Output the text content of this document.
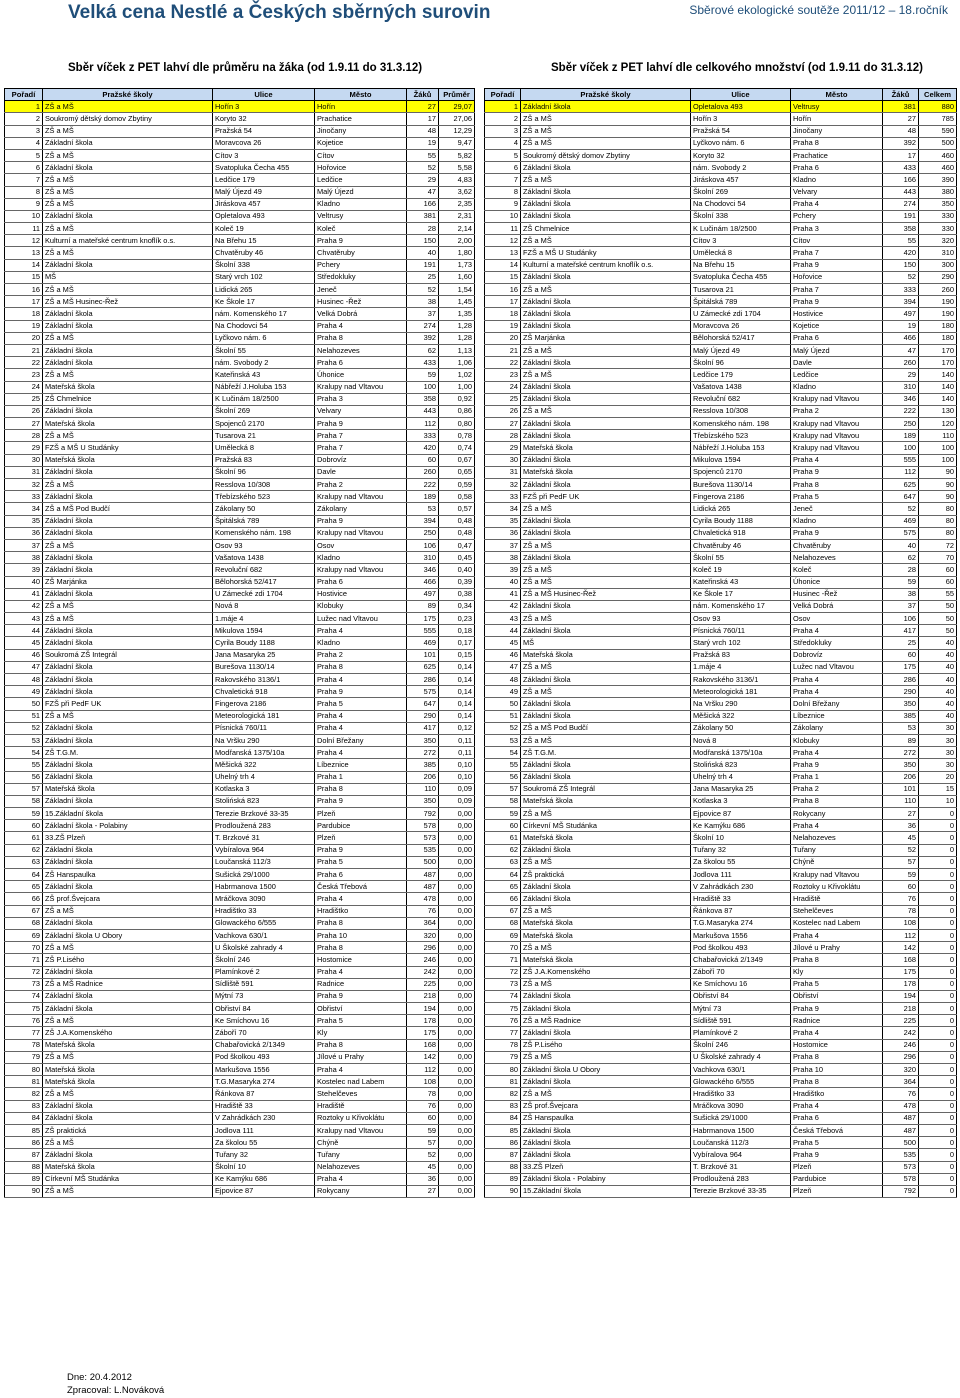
Velká cena Nestlé a Českých sběrných surovin	Sběrové ekologické soutěže 2011/12 – 18.ročník
Sběr víček z PET lahví dle průměru na žáka (od 1.9.11 do 31.3.12)	Sběr víček z PET lahví dle celkového množství (od 1.9.11 do 31.3.12)
Pořadí	Pražské školy	Ulice	Město	Žáků	Průměr
1	ZŠ a MŠ	Hořín 3	Hořín	27	29,07
2	Soukromý dětský domov Zbytiny	Koryto 32	Prachatice	17	27,06
3	ZŠ a MŠ	Pražská 54	Jinočany	48	12,29
4	Základní škola	Moravcova 26	Kojetice	19	9,47
5	ZŠ a MŠ	Cítov 3	Cítov	55	5,82
6	Základní škola	Svatopluka Čecha 455	Hořovice	52	5,58
7	ZŠ a MŠ	Ledčice 179	Ledčice	29	4,83
8	ZŠ a MŠ	Malý Újezd 49	Malý Újezd	47	3,62
9	ZŠ a MŠ	Jiráskova 457	Kladno	166	2,35
10	Základní škola	Opletalova 493	Veltrusy	381	2,31
11	ZŠ a MŠ	Koleč 19	Koleč	28	2,14
12	Kulturní a mateřské centrum knoflík o.s.	Na Břehu 15	Praha 9	150	2,00
13	ZŠ a MŠ	Chvatěruby 46	Chvatěruby	40	1,80
14	Základní škola	Školní 338	Pchery	191	1,73
15	MŠ	Starý vrch 102	Středokluky	25	1,60
16	ZŠ a MŠ	Lidická 265	Jeneč	52	1,54
17	ZŠ a MŠ Husinec-Řež	Ke Škole 17	Husinec -Řež	38	1,45
18	Základní škola	nám. Komenského 17	Velká Dobrá	37	1,35
19	Základní škola	Na Chodovci 54	Praha 4	274	1,28
20	ZŠ a MŠ	Lyčkovo nám. 6	Praha 8	392	1,28
21	Základní škola	Školní 55	Nelahozeves	62	1,13
22	Základní škola	nám. Svobody 2	Praha 6	433	1,06
23	ZŠ a MŠ	Kateřinská 43	Úhonice	59	1,02
24	Mateřská škola	Nábřeží J.Holuba 153	Kralupy nad Vltavou	100	1,00
25	ZŠ Chmelnice	K Lučinám 18/2500	Praha 3	358	0,92
26	Základní škola	Školní 269	Velvary	443	0,86
27	Mateřská škola	Spojenců 2170	Praha 9	112	0,80
28	ZŠ a MŠ	Tusarova 21	Praha 7	333	0,78
29	FZŠ a MŠ U Studánky	Umělecká 8	Praha 7	420	0,74
30	Mateřská škola	Pražská 83	Dobrovíz	60	0,67
31	Základní škola	Školní 96	Davle	260	0,65
32	ZŠ a MŠ	Resslova 10/308	Praha 2	222	0,59
33	Základní škola	Třebízského 523	Kralupy nad Vltavou	189	0,58
34	ZŠ a MŠ Pod Budčí	Zákolany 50	Zákolany	53	0,57
35	Základní škola	Špitálská 789	Praha 9	394	0,48
36	Základní škola	Komenského nám. 198	Kralupy nad Vltavou	250	0,48
37	ZŠ a MŠ	Osov 93	Osov	106	0,47
38	Základní škola	Vašatova 1438	Kladno	310	0,45
39	Základní škola	Revoluční 682	Kralupy nad Vltavou	346	0,40
40	ZŠ Marjánka	Bělohorská 52/417	Praha 6	466	0,39
41	Základní škola	U Zámecké zdi 1704	Hostivice	497	0,38
42	ZŠ a MŠ	Nová 8	Klobuky	89	0,34
43	ZŠ a MŠ	1.máje 4	Lužec nad Vltavou	175	0,23
44	Základní škola	Mikulova 1594	Praha 4	555	0,18
45	Základní škola	Cyrila Boudy 1188	Kladno	469	0,17
46	Soukromá ZŠ Integrál	Jana Masaryka 25	Praha 2	101	0,15
47	Základní škola	Burešova 1130/14	Praha 8	625	0,14
48	Základní škola	Rakovského 3136/1	Praha 4	286	0,14
49	Základní škola	Chvaletická 918	Praha 9	575	0,14
50	FZŠ při PedF UK	Fingerova 2186	Praha 5	647	0,14
51	ZŠ a MŠ	Meteorologická 181	Praha 4	290	0,14
52	Základní škola	Písnická 760/11	Praha 4	417	0,12
53	Základní škola	Na Vršku 290	Dolní Břežany	350	0,11
54	ZŠ T.G.M.	Modřanská 1375/10a	Praha 4	272	0,11
55	Základní škola	Měšická 322	Líbeznice	385	0,10
56	Základní škola	Uhelný trh 4	Praha 1	206	0,10
57	Mateřská škola	Kotlaska 3	Praha 8	110	0,09
58	Základní škola	Stolińská 823	Praha 9	350	0,09
59	15.Základní škola	Terezie Brzkové 33-35	Plzeň	792	0,00
60	Základní škola - Polabiny	Prodloužená 283	Pardubice	578	0,00
61	33.ZŠ Plzeň	T. Brzkové 31	Plzeň	573	0,00
62	Základní škola	Vybíralova 964	Praha 9	535	0,00
63	Základní škola	Loučanská 112/3	Praha 5	500	0,00
64	ZŠ Hanspaulka	Sušická 29/1000	Praha 6	487	0,00
65	Základní škola	Habrmanova 1500	Česká Třebová	487	0,00
66	ZŠ prof.Švejcara	Mráčkova 3090	Praha 4	478	0,00
67	ZŠ a MŠ	Hradištko 33	Hradištko	76	0,00
68	Základní škola	Glowackého 6/555	Praha 8	364	0,00
69	Základní škola U Obory	Vachkova 630/1	Praha 10	320	0,00
70	ZŠ a MŠ	U Školské zahrady 4	Praha 8	296	0,00
71	ZŠ P.Lisého	Školní 246	Hostomice	246	0,00
72	Základní škola	Plamínkové 2	Praha 4	242	0,00
73	ZŠ a MŠ Radnice	Sídliště 591	Radnice	225	0,00
74	Základní škola	Mýtní 73	Praha 9	218	0,00
75	Základní škola	Obřiství 84	Obřiství	194	0,00
76	ZŠ a MŠ	Ke Smíchovu 16	Praha 5	178	0,00
77	ZŠ J.A.Komenského	Záboří 70	Kly	175	0,00
78	Mateřská škola	Chabařovická 2/1349	Praha 8	168	0,00
79	ZŠ a MŠ	Pod školkou 493	Jílové u Prahy	142	0,00
80	Mateřská škola	Markušova 1556	Praha 4	112	0,00
81	Mateřská škola	T.G.Masaryka 274	Kostelec nad Labem	108	0,00
82	ZŠ a MŠ	Řánkova 87	Stehelčeves	78	0,00
83	Základní škola	Hradiště 33	Hradiště	76	0,00
84	Základní škola	V Zahrádkách 230	Roztoky u Křivoklátu	60	0,00
85	ZŠ praktická	Jodlova 111	Kralupy nad Vltavou	59	0,00
86	ZŠ a MŠ	Za školou 55	Chýně	57	0,00
87	Základní škola	Tuřany 32	Tuřany	52	0,00
88	Mateřská škola	Školní 10	Nelahozeves	45	0,00
89	Církevní MŠ Studánka	Ke Kamýku 686	Praha 4	36	0,00
90	ZŠ a MŠ	Ejpovice 87	Rokycany	27	0,00
Pořadí	Pražské školy	Ulice	Město	Žáků	Celkem
1	Základní škola	Opletalova 493	Veltrusy	381	880
2	ZŠ a MŠ	Hořín 3	Hořín	27	785
3	ZŠ a MŠ	Pražská 54	Jinočany	48	590
4	ZŠ a MŠ	Lyčkovo nám. 6	Praha 8	392	500
5	Soukromý dětský domov Zbytiny	Koryto 32	Prachatice	17	460
6	Základní škola	nám. Svobody 2	Praha 6	433	460
7	ZŠ a MŠ	Jiráskova 457	Kladno	166	390
8	Základní škola	Školní 269	Velvary	443	380
9	Základní škola	Na Chodovci 54	Praha 4	274	350
10	Základní škola	Školní 338	Pchery	191	330
11	ZŠ Chmelnice	K Lučinám 18/2500	Praha 3	358	330
12	ZŠ a MŠ	Cítov 3	Cítov	55	320
13	FZŠ a MŠ U Studánky	Umělecká 8	Praha 7	420	310
14	Kulturní a mateřské centrum knoflík o.s.	Na Břehu 15	Praha 9	150	300
15	Základní škola	Svatopluka Čecha 455	Hořovice	52	290
16	ZŠ a MŠ	Tusarova 21	Praha 7	333	260
17	Základní škola	Špitálská 789	Praha 9	394	190
18	Základní škola	U Zámecké zdi 1704	Hostivice	497	190
19	Základní škola	Moravcova 26	Kojetice	19	180
20	ZŠ Marjánka	Bělohorská 52/417	Praha 6	466	180
21	ZŠ a MŠ	Malý Újezd 49	Malý Újezd	47	170
22	Základní škola	Školní 96	Davle	260	170
23	ZŠ a MŠ	Ledčice 179	Ledčice	29	140
24	Základní škola	Vašatova 1438	Kladno	310	140
25	Základní škola	Revoluční 682	Kralupy nad Vltavou	346	140
26	ZŠ a MŠ	Resslova 10/308	Praha 2	222	130
27	Základní škola	Komenského nám. 198	Kralupy nad Vltavou	250	120
28	Základní škola	Třebízského 523	Kralupy nad Vltavou	189	110
29	Mateřská škola	Nábřeží J.Holuba 153	Kralupy nad Vltavou	100	100
30	Základní škola	Mikulova 1594	Praha 4	555	100
31	Mateřská škola	Spojenců 2170	Praha 9	112	90
32	Základní škola	Burešova 1130/14	Praha 8	625	90
33	FZŠ při PedF UK	Fingerova 2186	Praha 5	647	90
34	ZŠ a MŠ	Lidická 265	Jeneč	52	80
35	Základní škola	Cyrila Boudy 1188	Kladno	469	80
36	Základní škola	Chvaletická 918	Praha 9	575	80
37	ZŠ a MŠ	Chvatěruby 46	Chvatěruby	40	72
38	Základní škola	Školní 55	Nelahozeves	62	70
39	ZŠ a MŠ	Koleč 19	Koleč	28	60
40	ZŠ a MŠ	Kateřinská 43	Úhonice	59	60
41	ZŠ a MŠ Husinec-Řež	Ke Škole 17	Husinec -Řež	38	55
42	Základní škola	nám. Komenského 17	Velká Dobrá	37	50
43	ZŠ a MŠ	Osov 93	Osov	106	50
44	Základní škola	Písnická 760/11	Praha 4	417	50
45	MŠ	Starý vrch 102	Středokluky	25	40
46	Mateřská škola	Pražská 83	Dobrovíz	60	40
47	ZŠ a MŠ	1.máje 4	Lužec nad Vltavou	175	40
48	Základní škola	Rakovského 3136/1	Praha 4	286	40
49	ZŠ a MŠ	Meteorologická 181	Praha 4	290	40
50	Základní škola	Na Vršku 290	Dolní Břežany	350	40
51	Základní škola	Měšická 322	Líbeznice	385	40
52	ZŠ a MŠ Pod Budčí	Zákolany 50	Zákolany	53	30
53	ZŠ a MŠ	Nová 8	Klobuky	89	30
54	ZŠ T.G.M.	Modřanská 1375/10a	Praha 4	272	30
55	Základní škola	Stolińská 823	Praha 9	350	30
56	Základní škola	Uhelný trh 4	Praha 1	206	20
57	Soukromá ZŠ Integrál	Jana Masaryka 25	Praha 2	101	15
58	Mateřská škola	Kotlaska 3	Praha 8	110	10
59	ZŠ a MŠ	Ejpovice 87	Rokycany	27	0
60	Církevní MŠ Studánka	Ke Kamýku 686	Praha 4	36	0
61	Mateřská škola	Školní 10	Nelahozeves	45	0
62	Základní škola	Tuřany 32	Tuřany	52	0
63	ZŠ a MŠ	Za školou 55	Chýně	57	0
64	ZŠ praktická	Jodlova 111	Kralupy nad Vltavou	59	0
65	Základní škola	V Zahrádkách 230	Roztoky u Křivoklátu	60	0
66	Základní škola	Hradiště 33	Hradiště	76	0
67	ZŠ a MŠ	Řánkova 87	Stehelčeves	78	0
68	Mateřská škola	T.G.Masaryka 274	Kostelec nad Labem	108	0
69	Mateřská škola	Markušova 1556	Praha 4	112	0
70	ZŠ a MŠ	Pod školkou 493	Jílové u Prahy	142	0
71	Mateřská škola	Chabařovická 2/1349	Praha 8	168	0
72	ZŠ J.A.Komenského	Záboří 70	Kly	175	0
73	ZŠ a MŠ	Ke Smíchovu 16	Praha 5	178	0
74	Základní škola	Obřiství 84	Obřiství	194	0
75	Základní škola	Mýtní 73	Praha 9	218	0
76	ZŠ a MŠ Radnice	Sídliště 591	Radnice	225	0
77	Základní škola	Plamínkové 2	Praha 4	242	0
78	ZŠ P.Lisého	Školní 246	Hostomice	246	0
79	ZŠ a MŠ	U Školské zahrady 4	Praha 8	296	0
80	Základní škola U Obory	Vachkova 630/1	Praha 10	320	0
81	Základní škola	Glowackého 6/555	Praha 8	364	0
82	ZŠ a MŠ	Hradištko 33	Hradištko	76	0
83	ZŠ prof.Švejcara	Mráčkova 3090	Praha 4	478	0
84	ZŠ Hanspaulka	Sušická 29/1000	Praha 6	487	0
85	Základní škola	Habrmanova 1500	Česká Třebová	487	0
86	Základní škola	Loučanská 112/3	Praha 5	500	0
87	Základní škola	Vybíralova 964	Praha 9	535	0
88	33.ZŠ Plzeň	T. Brzkové 31	Plzeň	573	0
89	Základní škola - Polabiny	Prodloužená 283	Pardubice	578	0
90	15.Základní škola	Terezie Brzkové 33-35	Plzeň	792	0
Dne: 20.4.2012
Zpracoval: L.Nováková
